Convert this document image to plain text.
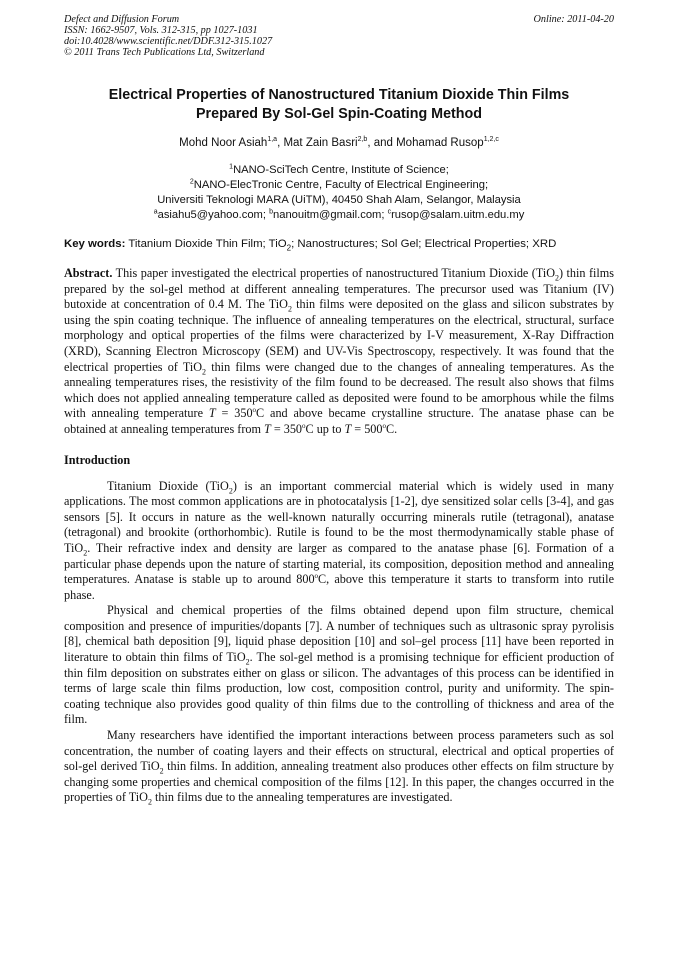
Defect and Diffusion Forum
ISSN: 1662-9507, Vols. 312-315, pp 1027-1031
doi:10.4028/www.scientific.net/DDF.312-315.1027
© 2011 Trans Tech Publications Ltd, Switzerland
Online: 2011-04-20
Electrical Properties of Nanostructured Titanium Dioxide Thin Films
Prepared By Sol-Gel Spin-Coating Method
Mohd Noor Asiah$^{1,a}$, Mat Zain Basri$^{2,b}$, and Mohamad Rusop$^{1,2,c}$
$^1$NANO-SciTech Centre, Institute of Science;
$^2$NANO-ElecTronic Centre, Faculty of Electrical Engineering;
Universiti Teknologi MARA (UiTM), 40450 Shah Alam, Selangor, Malaysia
$^a$asiahu5@yahoo.com; $^b$nanouitm@gmail.com; $^c$rusop@salam.uitm.edu.my
Key words: Titanium Dioxide Thin Film; TiO$_2$; Nanostructures; Sol Gel; Electrical Properties; XRD
Abstract. This paper investigated the electrical properties of nanostructured Titanium Dioxide (TiO$_2$) thin films prepared by the sol-gel method at different annealing temperatures. The precursor used was Titanium (IV) butoxide at concentration of 0.4 M. The TiO$_2$ thin films were deposited on the glass and silicon substrates by using the spin coating technique. The influence of annealing temperatures on the electrical, structural, surface morphology and optical properties of the films were characterized by I-V measurement, X-Ray Diffraction (XRD), Scanning Electron Microscopy (SEM) and UV-Vis Spectroscopy, respectively. It was found that the electrical properties of TiO$_2$ thin films were changed due to the changes of annealing temperatures. As the annealing temperatures rises, the resistivity of the film found to be decreased. The result also shows that films which does not applied annealing temperature called as deposited were found to be amorphous while the films with annealing temperature $T = 350^oC$ and above became crystalline structure. The anatase phase can be obtained at annealing temperatures from $T = 350^oC$ up to $T = 500^oC$.
Introduction

Titanium Dioxide (TiO$_2$) is an important commercial material which is widely used in many applications. The most common applications are in photocatalysis [1-2], dye sensitized solar cells [3-4], and gas sensors [5]. It occurs in nature as the well-known naturally occurring minerals rutile (tetragonal), anatase (tetragonal) and brookite (orthorhombic). Rutile is found to be the most thermodynamically stable phase of TiO$_2$. Their refractive index and density are larger as compared to the anatase phase [6]. Formation of a particular phase depends upon the nature of starting material, its composition, deposition method and annealing temperatures. Anatase is stable up to around 800$^o$C, above this temperature it starts to transform into rutile phase.

Physical and chemical properties of the films obtained depend upon film structure, chemical composition and presence of impurities/dopants [7]. A number of techniques such as ultrasonic spray pyrolisis [8], chemical bath deposition [9], liquid phase deposition [10] and sol–gel process [11] have been reported in literature to obtain thin films of TiO$_2$. The sol-gel method is a promising technique for efficient production of thin film deposition on substrates either on glass or silicon. The advantages of this process can be identified in terms of large scale thin films production, low cost, composition control, purity and uniformity. The spin-coating technique also provides good quality of thin films due to the controlling of thickness and area of the film.

Many researchers have identified the important interactions between process parameters such as sol concentration, the number of coating layers and their effects on structural, electrical and optical properties of sol-gel derived TiO$_2$ thin films. In addition, annealing treatment also produces other effects on film structure by changing some properties and chemical composition of the films [12]. In this paper, the changes occurred in the properties of TiO$_2$ thin films due to the annealing temperatures are investigated.
